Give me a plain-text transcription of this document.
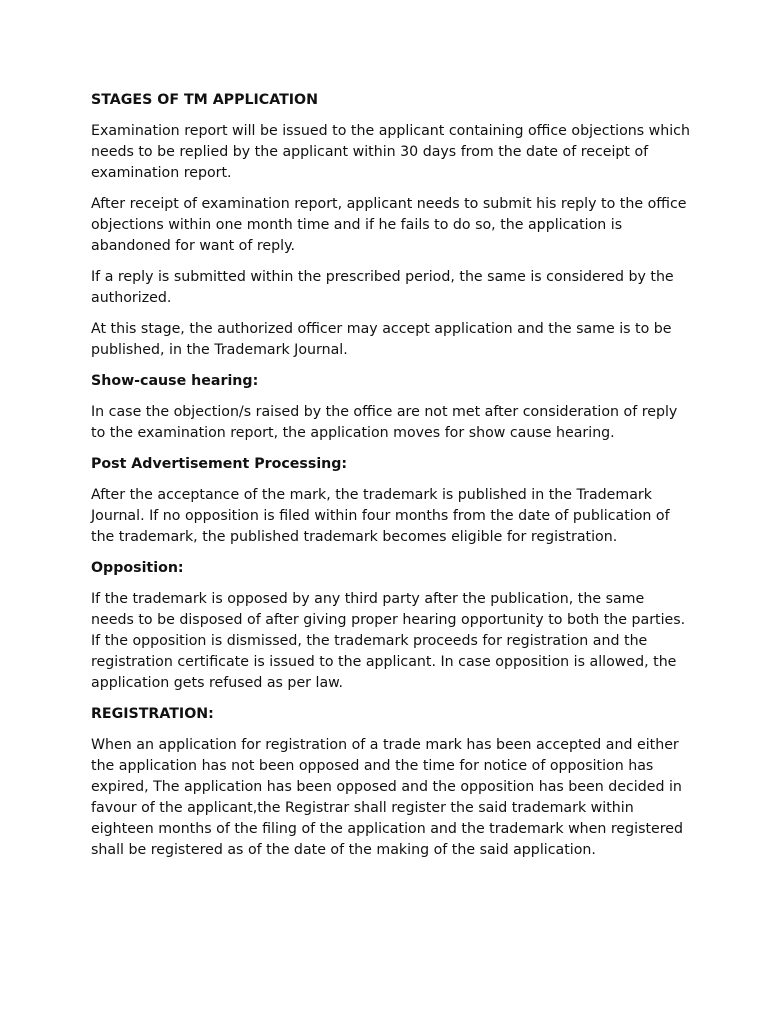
STAGES OF TM APPLICATION
Examination report will be issued to the applicant containing office objections which needs to be replied by the applicant within 30 days from the date of receipt of examination report.
After receipt of examination report, applicant needs to submit his reply to the office objections within one month time and if he fails to do so, the application is abandoned for want of reply.
If a reply is submitted within the prescribed period, the same is considered by the authorized.
At this stage, the authorized officer may accept application and the same is to be published, in the Trademark Journal.
Show-cause hearing:
In case the objection/s raised by the office are not met after consideration of reply to the examination report, the application moves for show cause hearing.
Post Advertisement Processing:
After the acceptance of the mark, the trademark is published in the Trademark Journal. If no opposition is filed within four months from the date of publication of the trademark, the published trademark becomes eligible for registration.
Opposition:
If the trademark is opposed by any third party after the publication, the same needs to be disposed of after giving proper hearing opportunity to both the parties. If the opposition is dismissed, the trademark proceeds for registration and the registration certificate is issued to the applicant. In case opposition is allowed, the application gets refused as per law.
REGISTRATION:
When an application for registration of a trade mark has been accepted and either the application has not been opposed and the time for notice of opposition has expired, The application has been opposed and the opposition has been decided in favour of the applicant,the Registrar shall register the said trademark within eighteen months of the filing of the application and the trademark when registered shall be registered as of the date of the making of the said application.
